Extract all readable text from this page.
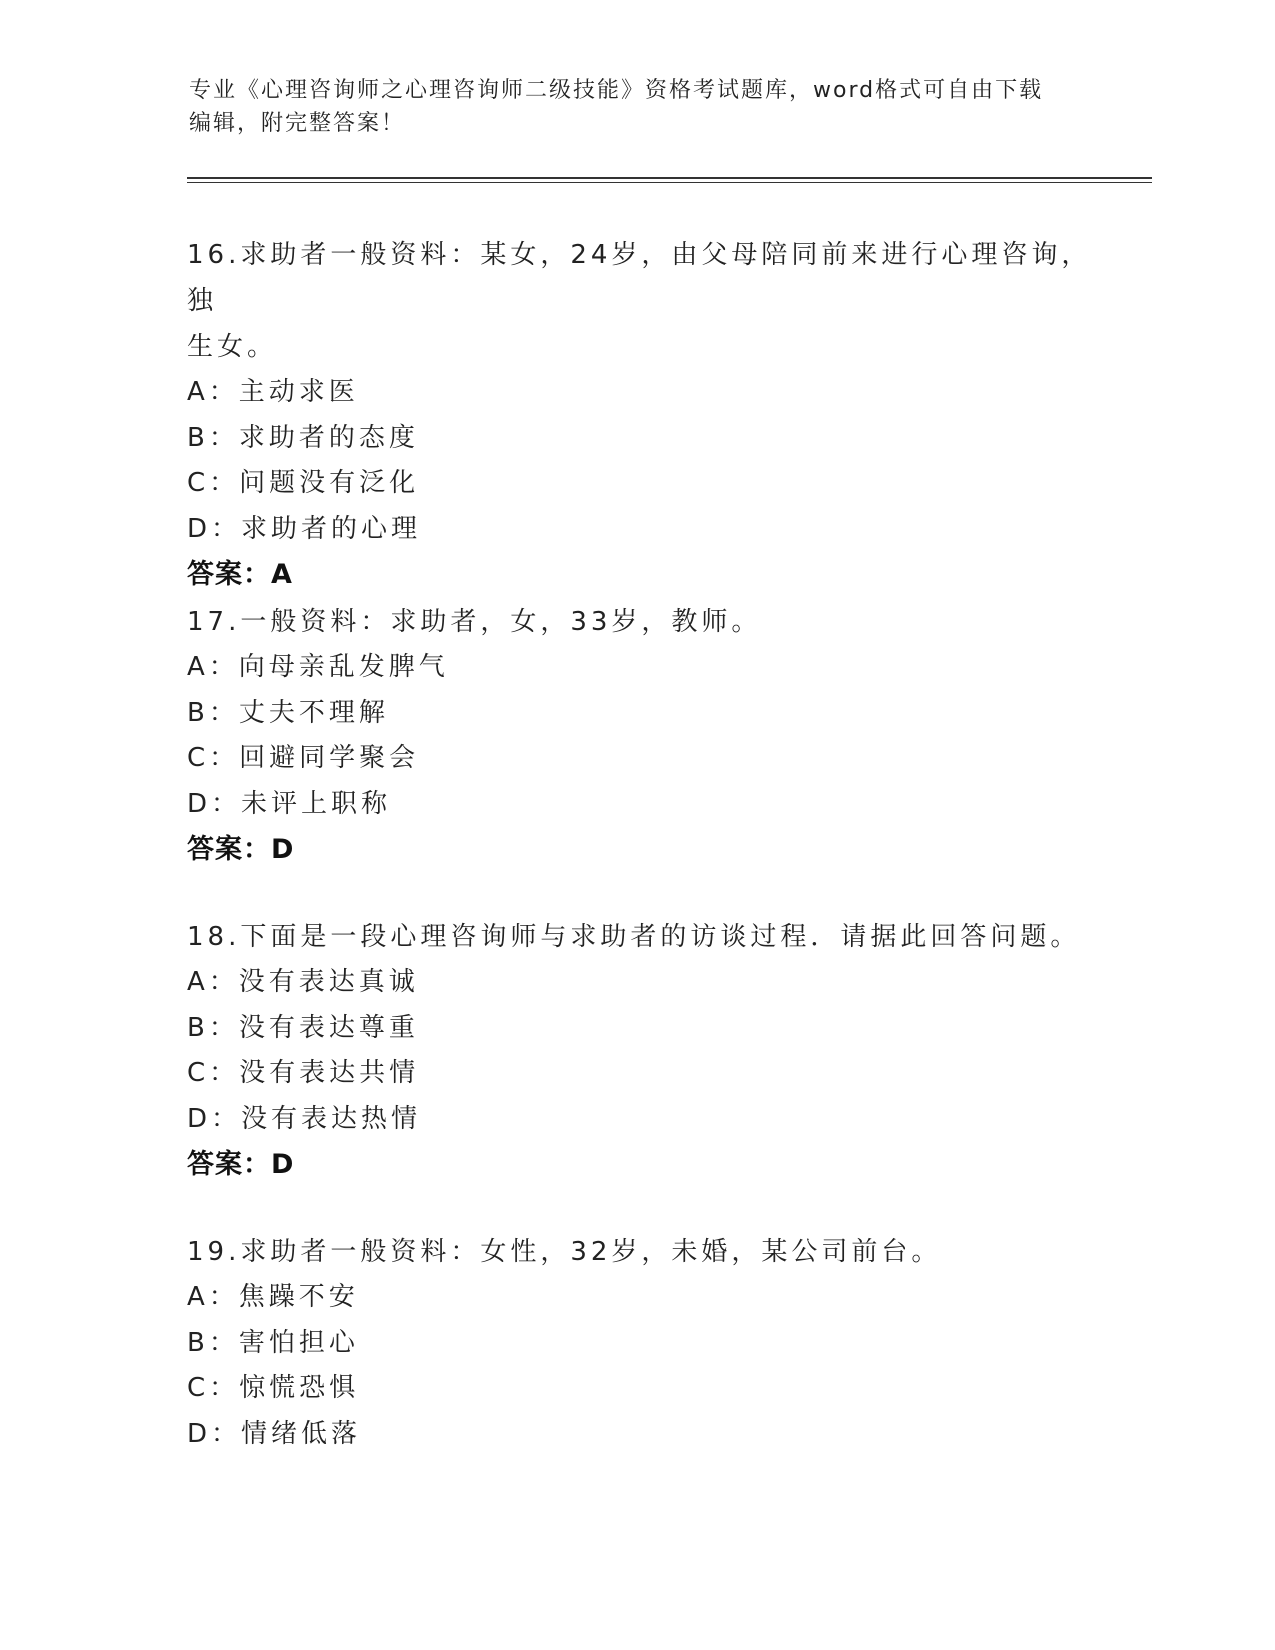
专业《心理咨询师之心理咨询师二级技能》资格考试题库，word格式可自由下载
编辑，附完整答案！
16.求助者一般资料：某女，24岁，由父母陪同前来进行心理咨询，独
生女。
A：主动求医
B：求助者的态度
C：问题没有泛化
D：求助者的心理
答案：A
17.一般资料：求助者，女，33岁，教师。
A：向母亲乱发脾气
B：丈夫不理解
C：回避同学聚会
D：未评上职称
答案：D
18.下面是一段心理咨询师与求助者的访谈过程．请据此回答问题。
A：没有表达真诚
B：没有表达尊重
C：没有表达共情
D：没有表达热情
答案：D
19.求助者一般资料：女性，32岁，未婚，某公司前台。
A：焦躁不安
B：害怕担心
C：惊慌恐惧
D：情绪低落
